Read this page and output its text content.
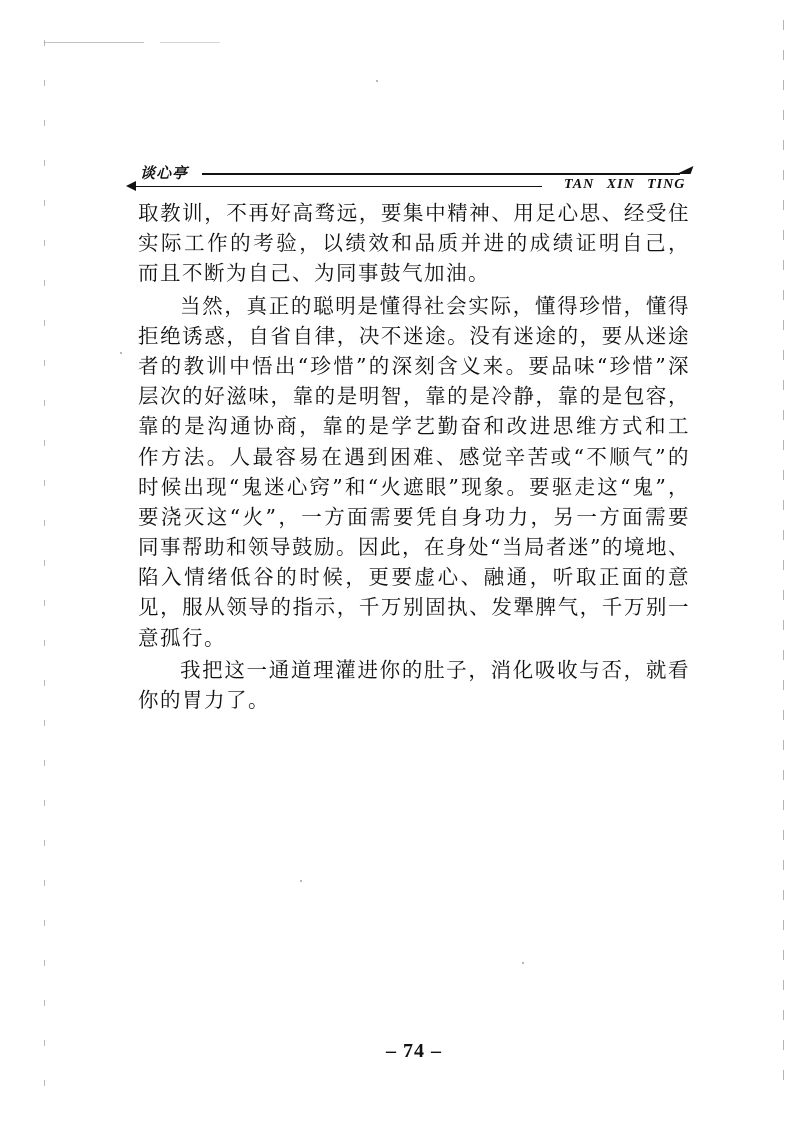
谈心亭
TAN XIN TING
取教训，不再好高骛远，要集中精神、用足心思、经受住
实际工作的考验，以绩效和品质并进的成绩证明自己，
而且不断为自己、为同事鼓气加油。
当然，真正的聪明是懂得社会实际，懂得珍惜，懂得
拒绝诱惑，自省自律，决不迷途。没有迷途的，要从迷途
者的教训中悟出“珍惜”的深刻含义来。要品味“珍惜”深
层次的好滋味，靠的是明智，靠的是冷静，靠的是包容，
靠的是沟通协商，靠的是学艺勤奋和改进思维方式和工
作方法。人最容易在遇到困难、感觉辛苦或“不顺气”的
时候出现“鬼迷心窍”和“火遮眼”现象。要驱走这“鬼”，
要浇灭这“火”，一方面需要凭自身功力，另一方面需要
同事帮助和领导鼓励。因此，在身处“当局者迷”的境地、
陷入情绪低谷的时候，更要虚心、融通，听取正面的意
见，服从领导的指示，千万别固执、发犟脾气，千万别一
意孤行。
我把这一通道理灌进你的肚子，消化吸收与否，就看
你的胃力了。
– 74 –
